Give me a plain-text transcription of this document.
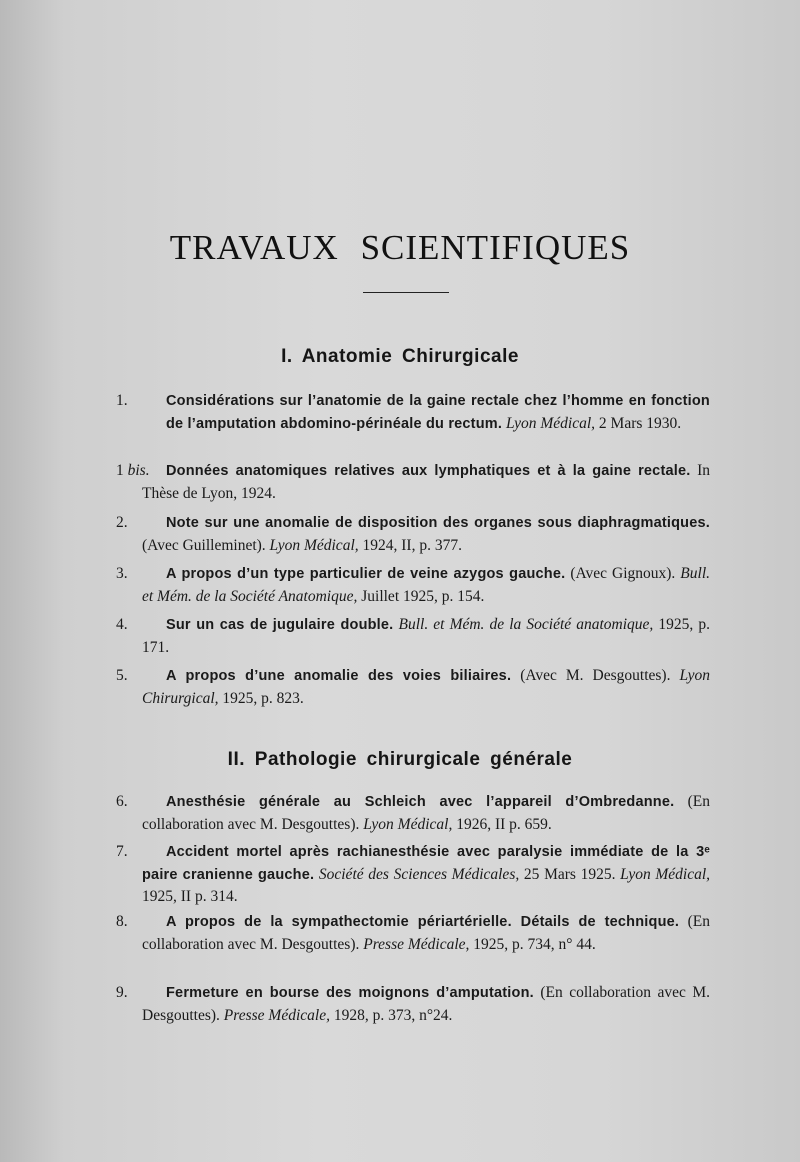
TRAVAUX SCIENTIFIQUES
I. Anatomie Chirurgicale
1.	Considérations sur l’anatomie de la gaine rectale chez l’homme en fonction de l’amputation abdomino-périnéale du rectum. Lyon Médical, 2 Mars 1930.
1 bis.	Données anatomiques relatives aux lymphatiques et à la gaine rectale. In Thèse de Lyon, 1924.
2.	Note sur une anomalie de disposition des organes sous diaphragmatiques. (Avec Guilleminet). Lyon Médical, 1924, II, p. 377.
3.	A propos d’un type particulier de veine azygos gauche. (Avec Gignoux). Bull. et Mém. de la Société Anatomique, Juillet 1925, p. 154.
4.	Sur un cas de jugulaire double. Bull. et Mém. de la Société anatomique, 1925, p. 171.
5.	A propos d’une anomalie des voies biliaires. (Avec M. Desgouttes). Lyon Chirurgical, 1925, p. 823.
II. Pathologie chirurgicale générale
6.	Anesthésie générale au Schleich avec l’appareil d’Ombredanne. (En collaboration avec M. Desgouttes). Lyon Médical, 1926, II p. 659.
7.	Accident mortel après rachianesthésie avec paralysie immédiate de la 3ᵉ paire cranienne gauche. Société des Sciences Médicales, 25 Mars 1925. Lyon Médical, 1925, II p. 314.
8.	A propos de la sympathectomie périartérielle. Détails de technique. (En collaboration avec M. Desgouttes). Presse Médicale, 1925, p. 734, n° 44.
9.	Fermeture en bourse des moignons d’amputation. (En collaboration avec M. Desgouttes). Presse Médicale, 1928, p. 373, n°24.
